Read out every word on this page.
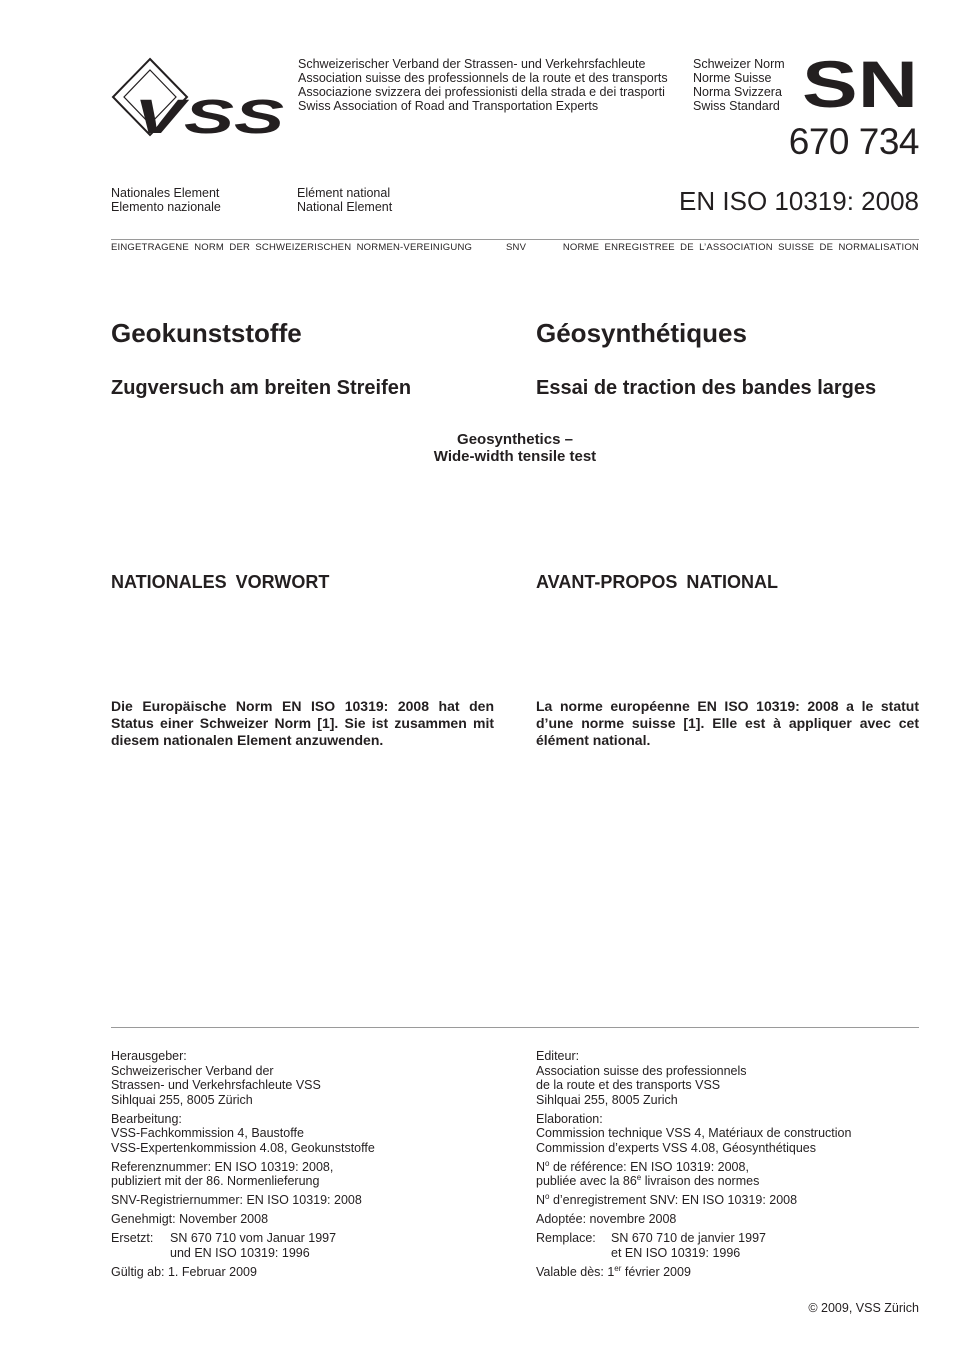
VSS
Schweizerischer Verband der Strassen- und Verkehrsfachleute
Association suisse des professionnels de la route et des transports
Associazione svizzera dei professionisti della strada e dei trasporti
Swiss Association of Road and Transportation Experts
Schweizer Norm
Norme Suisse
Norma Svizzera
Swiss Standard SN
670 734
Nationales Element
Elemento nazionale
Elément national
National Element	EN ISO 10319: 2008
EINGETRAGENE NORM DER SCHWEIZERISCHEN NORMEN-VEREINIGUNG	SNV	NORME ENREGISTREE DE L’ASSOCIATION SUISSE DE NORMALISATION
Geokunststoffe	Géosynthétiques
Zugversuch am breiten Streifen	Essai de traction des bandes larges
Geosynthetics –
Wide-width tensile test
NATIONALES VORWORT	AVANT-PROPOS NATIONAL
Die Europäische Norm EN ISO 10319: 2008 hat den Status einer Schweizer Norm [1]. Sie ist zusammen mit diesem nationalen Element anzuwenden.
La norme européenne EN ISO 10319: 2008 a le statut d’une norme suisse [1]. Elle est à appliquer avec cet élément national.
Herausgeber:
Schweizerischer Verband der
Strassen- und Verkehrsfachleute VSS
Sihlquai 255, 8005 Zürich
Bearbeitung:
VSS-Fachkommission 4, Baustoffe
VSS-Expertenkommission 4.08, Geokunststoffe
Referenznummer: EN ISO 10319: 2008,
publiziert mit der 86. Normenlieferung
SNV-Registriernummer: EN ISO 10319: 2008
Genehmigt: November 2008
Ersetzt:	SN 670 710 vom Januar 1997
und EN ISO 10319: 1996
Gültig ab: 1. Februar 2009
Editeur:
Association suisse des professionnels
de la route et des transports VSS
Sihlquai 255, 8005 Zurich
Elaboration:
Commission technique VSS 4, Matériaux de construction
Commission d’experts VSS 4.08, Géosynthétiques
$N^o$ de référence: EN ISO 10319: 2008,
publiée avec la 86e livraison des normes
$N^o$ d’enregistrement SNV: EN ISO 10319: 2008
Adoptée: novembre 2008
Remplace:	SN 670 710 de janvier 1997
et EN ISO 10319: 1996
Valable dès: 1er février 2009
© 2009, VSS Zürich
